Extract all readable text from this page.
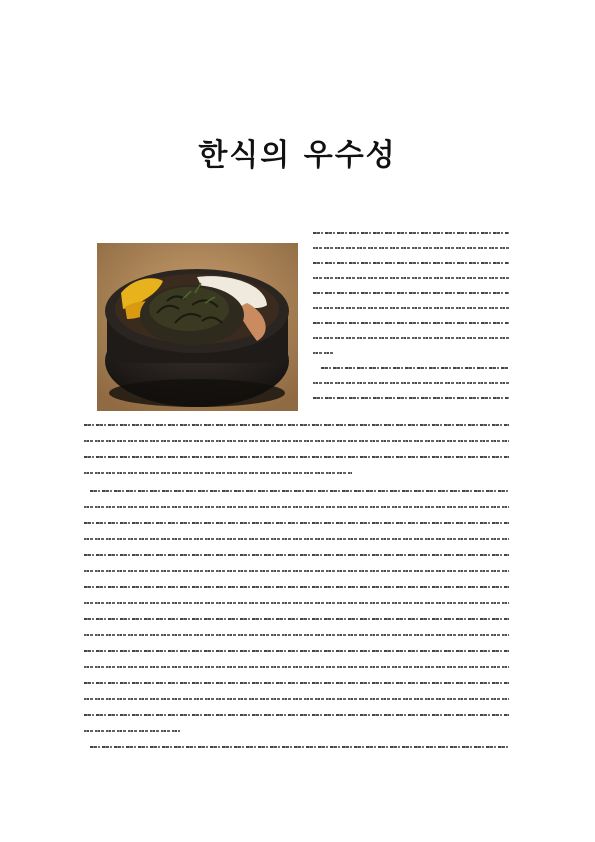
한식의 우수성
